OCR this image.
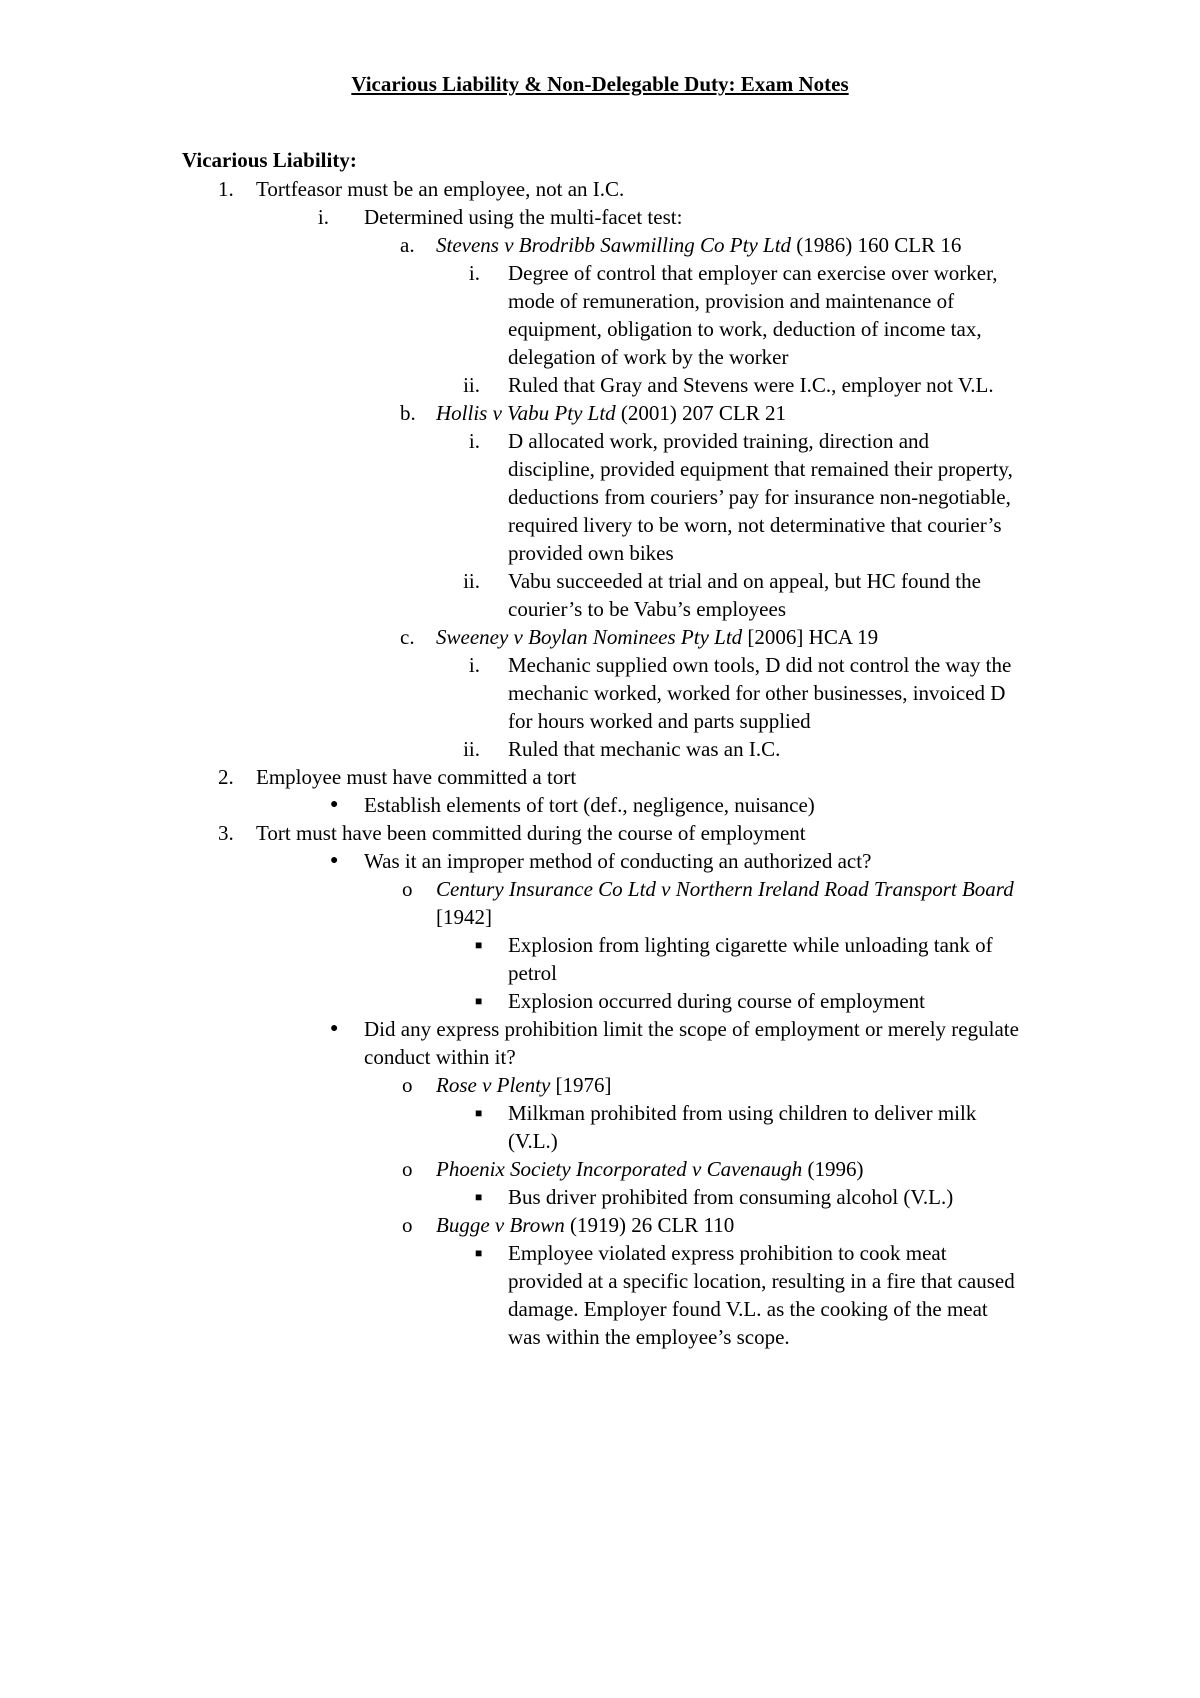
Vicarious Liability & Non-Delegable Duty: Exam Notes
Vicarious Liability:
1. Tortfeasor must be an employee, not an I.C.
i. Determined using the multi-facet test:
a. Stevens v Brodribb Sawmilling Co Pty Ltd (1986) 160 CLR 16
i. Degree of control that employer can exercise over worker, mode of remuneration, provision and maintenance of equipment, obligation to work, deduction of income tax, delegation of work by the worker
ii. Ruled that Gray and Stevens were I.C., employer not V.L.
b. Hollis v Vabu Pty Ltd (2001) 207 CLR 21
i. D allocated work, provided training, direction and discipline, provided equipment that remained their property, deductions from couriers’ pay for insurance non-negotiable, required livery to be worn, not determinative that courier’s provided own bikes
ii. Vabu succeeded at trial and on appeal, but HC found the courier’s to be Vabu’s employees
c. Sweeney v Boylan Nominees Pty Ltd [2006] HCA 19
i. Mechanic supplied own tools, D did not control the way the mechanic worked, worked for other businesses, invoiced D for hours worked and parts supplied
ii. Ruled that mechanic was an I.C.
2. Employee must have committed a tort
● Establish elements of tort (def., negligence, nuisance)
3. Tort must have been committed during the course of employment
● Was it an improper method of conducting an authorized act?
o Century Insurance Co Ltd v Northern Ireland Road Transport Board [1942]
■ Explosion from lighting cigarette while unloading tank of petrol
■ Explosion occurred during course of employment
● Did any express prohibition limit the scope of employment or merely regulate conduct within it?
o Rose v Plenty [1976]
■ Milkman prohibited from using children to deliver milk (V.L.)
o Phoenix Society Incorporated v Cavenaugh (1996)
■ Bus driver prohibited from consuming alcohol (V.L.)
o Bugge v Brown (1919) 26 CLR 110
■ Employee violated express prohibition to cook meat provided at a specific location, resulting in a fire that caused damage. Employer found V.L. as the cooking of the meat was within the employee’s scope.
